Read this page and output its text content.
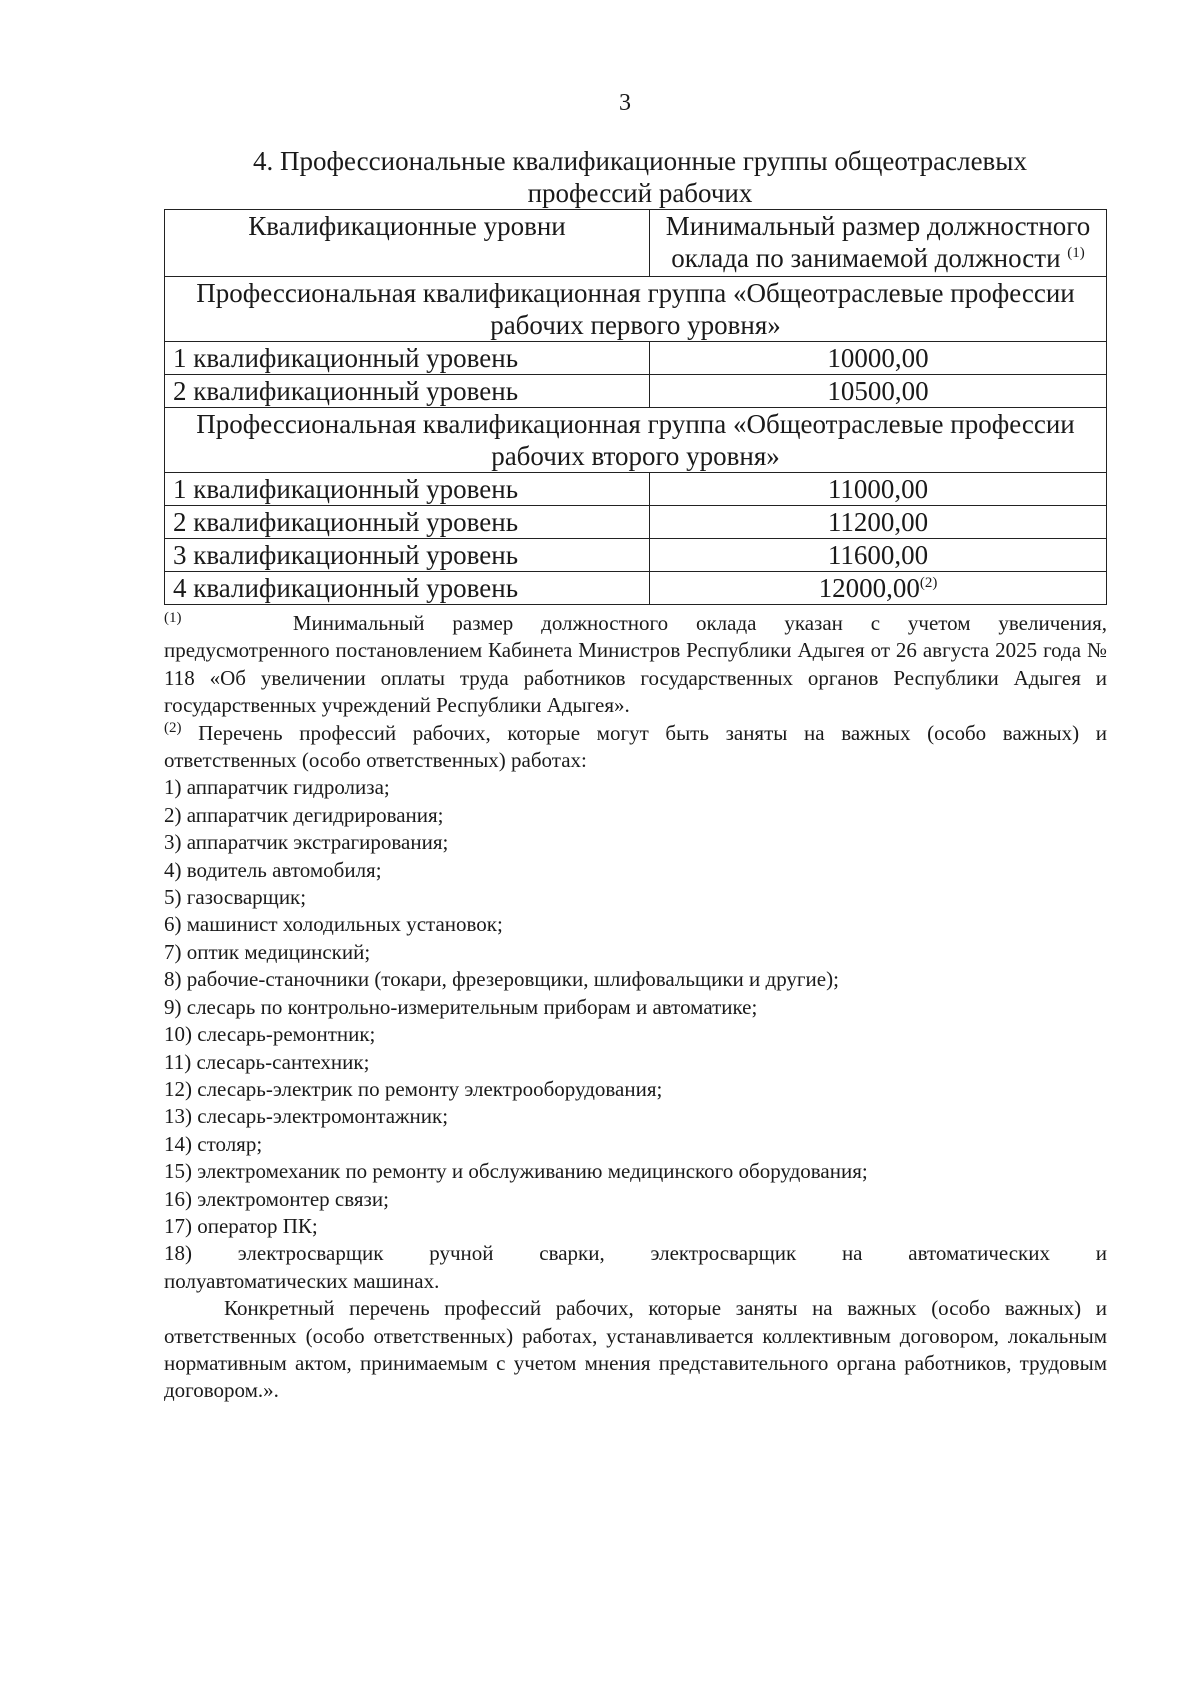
3
4. Профессиональные квалификационные группы общеотраслевых профессий рабочих
Квалификационные уровни	Минимальный размер должностного оклада по занимаемой должности $^{(1)}$
Профессиональная квалификационная группа «Общеотраслевые профессии рабочих первого уровня»	
1 квалификационный уровень	10000,00
2 квалификационный уровень	10500,00
Профессиональная квалификационная группа «Общеотраслевые профессии рабочих второго уровня»	
1 квалификационный уровень	11000,00
2 квалификационный уровень	11200,00
3 квалификационный уровень	11600,00
4 квалификационный уровень	12000,00$^{(2)}$

$^{(1)}$	Минимальный размер должностного оклада указан с учетом увеличения,

предусмотренного постановлением Кабинета Министров Республики Адыгея от 26 августа 2025 года № 118 «Об увеличении оплаты труда работников государственных органов Республики Адыгея и государственных учреждений Республики Адыгея».

$^{(2)}$ Перечень профессий рабочих, которые могут быть заняты на важных (особо важных) и ответственных (особо ответственных) работах:

1) аппаратчик гидролиза;

2) аппаратчик дегидрирования;

3) аппаратчик экстрагирования;

4) водитель автомобиля;

5) газосварщик;

6) машинист холодильных установок;

7) оптик медицинский;

8) рабочие-станочники (токари, фрезеровщики, шлифовальщики и другие);

9) слесарь по контрольно-измерительным приборам и автоматике;

10) слесарь-ремонтник;

11) слесарь-сантехник;

12) слесарь-электрик по ремонту электрооборудования;

13) слесарь-электромонтажник;

14) столяр;

15) электромеханик по ремонту и обслуживанию медицинского оборудования;

16) электромонтер связи;

17) оператор ПК;

18) электросварщик ручной сварки, электросварщик на автоматических и

полуавтоматических машинах.

Конкретный перечень профессий рабочих, которые заняты на важных (особо важных) и ответственных (особо ответственных) работах, устанавливается коллективным договором, локальным нормативным актом, принимаемым с учетом мнения представительного органа работников, трудовым договором.».
